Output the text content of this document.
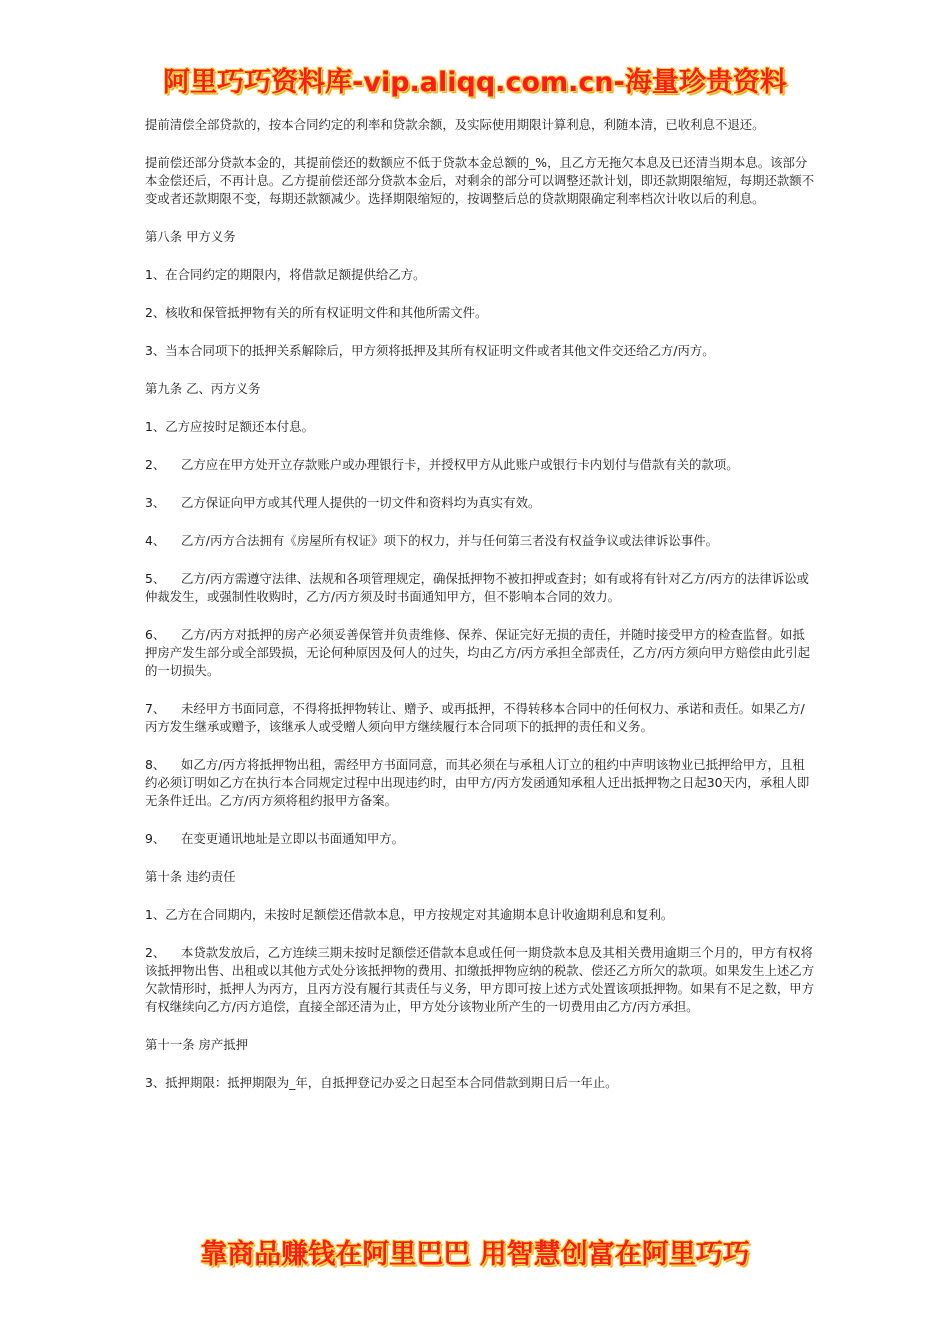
阿里巧巧资料库-vip.aliqq.com.cn-海量珍贵资料

提前清偿全部贷款的，按本合同约定的利率和贷款余额，及实际使用期限计算利息，利随本清，已收利息不退还。

提前偿还部分贷款本金的，其提前偿还的数额应不低于贷款本金总额的_%，且乙方无拖欠本息及已还清当期本息。该部分本金偿还后，不再计息。乙方提前偿还部分贷款本金后，对剩余的部分可以调整还款计划，即还款期限缩短，每期还款额不变或者还款期限不变，每期还款额减少。选择期限缩短的，按调整后总的贷款期限确定利率档次计收以后的利息。

第八条 甲方义务

1、在合同约定的期限内，将借款足额提供给乙方。

2、核收和保管抵押物有关的所有权证明文件和其他所需文件。

3、当本合同项下的抵押关系解除后，甲方须将抵押及其所有权证明文件或者其他文件交还给乙方/丙方。

第九条 乙、丙方义务

1、乙方应按时足额还本付息。

2、    乙方应在甲方处开立存款账户或办理银行卡，并授权甲方从此账户或银行卡内划付与借款有关的款项。

3、    乙方保证向甲方或其代理人提供的一切文件和资料均为真实有效。

4、    乙方/丙方合法拥有《房屋所有权证》项下的权力，并与任何第三者没有权益争议或法律诉讼事件。

5、    乙方/丙方需遵守法律、法规和各项管理规定，确保抵押物不被扣押或查封；如有或将有针对乙方/丙方的法律诉讼或仲裁发生，或强制性收购时，乙方/丙方须及时书面通知甲方，但不影响本合同的效力。

6、    乙方/丙方对抵押的房产必须妥善保管并负责维修、保养、保证完好无损的责任，并随时接受甲方的检查监督。如抵押房产发生部分或全部毁损，无论何种原因及何人的过失，均由乙方/丙方承担全部责任，乙方/丙方须向甲方赔偿由此引起的一切损失。

7、    未经甲方书面同意，不得将抵押物转让、赠予、或再抵押，不得转移本合同中的任何权力、承诺和责任。如果乙方/丙方发生继承或赠予，该继承人或受赠人须向甲方继续履行本合同项下的抵押的责任和义务。

8、    如乙方/丙方将抵押物出租，需经甲方书面同意，而其必须在与承租人订立的租约中声明该物业已抵押给甲方，且租约必须订明如乙方在执行本合同规定过程中出现违约时，由甲方/丙方发函通知承租人迁出抵押物之日起30天内，承租人即无条件迁出。乙方/丙方须将租约报甲方备案。

9、    在变更通讯地址是立即以书面通知甲方。

第十条 违约责任

1、乙方在合同期内，未按时足额偿还借款本息，甲方按规定对其逾期本息计收逾期利息和复利。

2、    本贷款发放后，乙方连续三期未按时足额偿还借款本息或任何一期贷款本息及其相关费用逾期三个月的，甲方有权将该抵押物出售、出租或以其他方式处分该抵押物的费用、扣缴抵押物应纳的税款、偿还乙方所欠的款项。如果发生上述乙方欠款情形时，抵押人为丙方，且丙方没有履行其责任与义务，甲方即可按上述方式处置该项抵押物。如果有不足之数，甲方有权继续向乙方/丙方追偿，直接全部还清为止，甲方处分该物业所产生的一切费用由乙方/丙方承担。

第十一条 房产抵押

3、抵押期限：抵押期限为_年，自抵押登记办妥之日起至本合同借款到期日后一年止。

靠商品赚钱在阿里巴巴 用智慧创富在阿里巧巧
